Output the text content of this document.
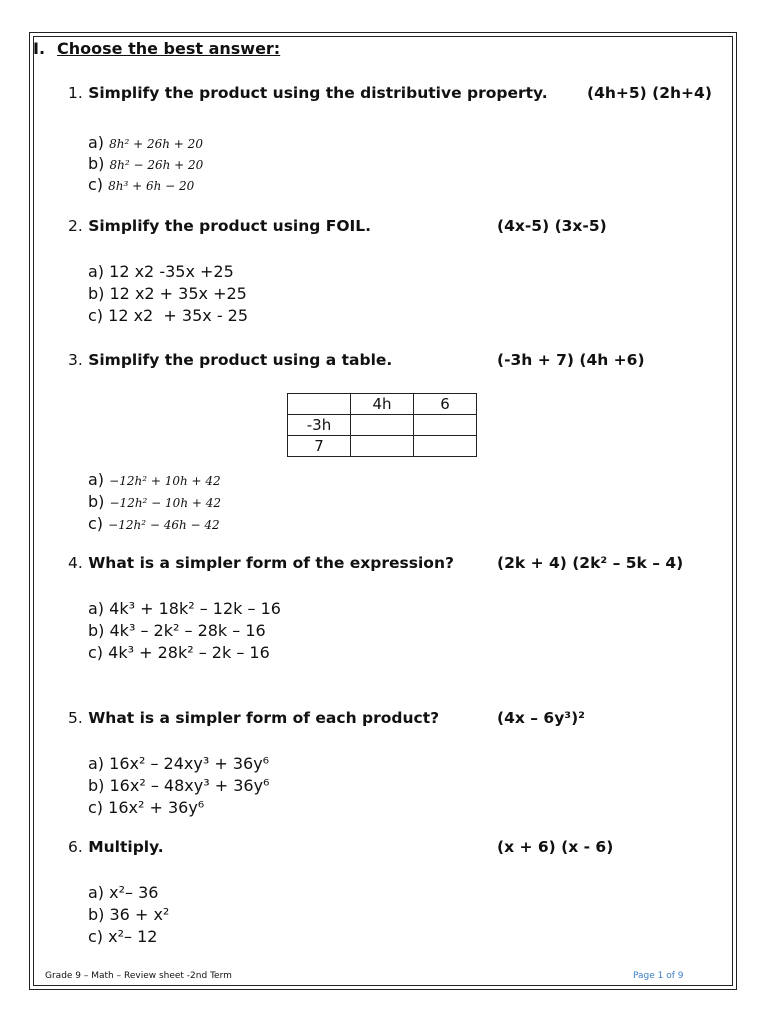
I. Choose the best answer:
1. Simplify the product using the distributive property.	(4h+5) (2h+4)
a) 8h² + 26h + 20
b) 8h² − 26h + 20
c) 8h³ + 6h − 20
2. Simplify the product using FOIL.	(4x-5) (3x-5)
a) 12 x2 -35x +25
b) 12 x2 + 35x +25
c) 12 x2  + 35x - 25
3. Simplify the product using a table.	(-3h + 7) (4h +6)
	4h	6
-3h		
7		
a) −12h² + 10h + 42
b) −12h² − 10h + 42
c) −12h² − 46h − 42
4. What is a simpler form of the expression?	(2k + 4) (2k² – 5k – 4)
a) 4k³ + 18k² – 12k – 16
b) 4k³ – 2k² – 28k – 16
c) 4k³ + 28k² – 2k – 16
5. What is a simpler form of each product?	(4x – 6y³)²
a) 16x² – 24xy³ + 36y⁶
b) 16x² – 48xy³ + 36y⁶
c) 16x² + 36y⁶
6. Multiply.	(x + 6) (x - 6)
a) x²– 36
b) 36 + x²
c) x²– 12
Grade 9 – Math – Review sheet -2nd Term	Page 1 of 9
